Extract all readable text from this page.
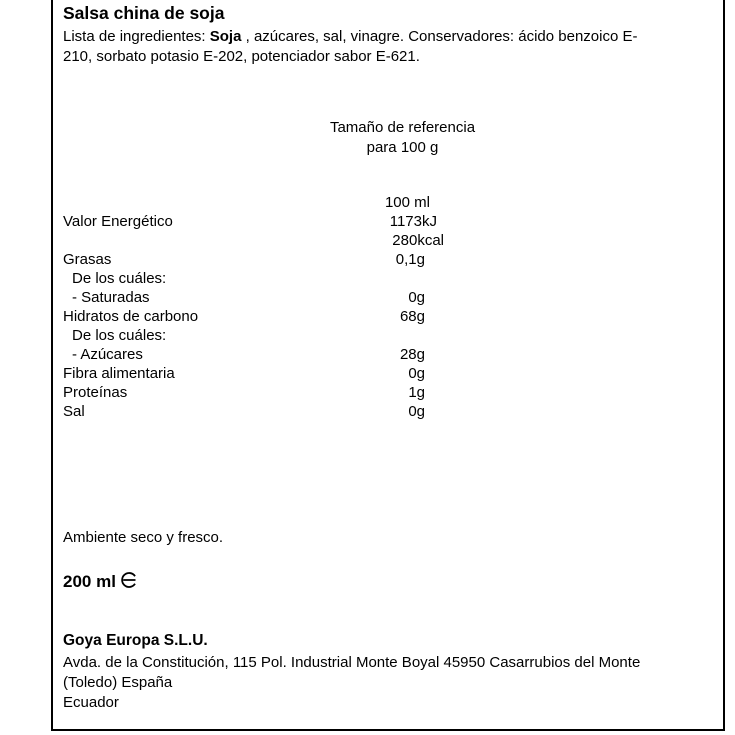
Salsa china de soja
Lista de ingredientes: Soja , azúcares, sal, vinagre. Conservadores: ácido benzoico E-210, sorbato potasio E-202, potenciador sabor E-621.
Tamaño de referencia
para 100 g
100 ml
Valor Energético	1173kJ
280kcal
Grasas	0,1g
De los cuáles:
- Saturadas	0g
Hidratos de carbono	68g
De los cuáles:
- Azúcares	28g
Fibra alimentaria	0g
Proteínas	1g
Sal	0g
Ambiente seco y fresco.
200 ml
Goya Europa S.L.U.
Avda. de la Constitución, 115 Pol. Industrial Monte Boyal 45950 Casarrubios del Monte (Toledo) España
Ecuador
